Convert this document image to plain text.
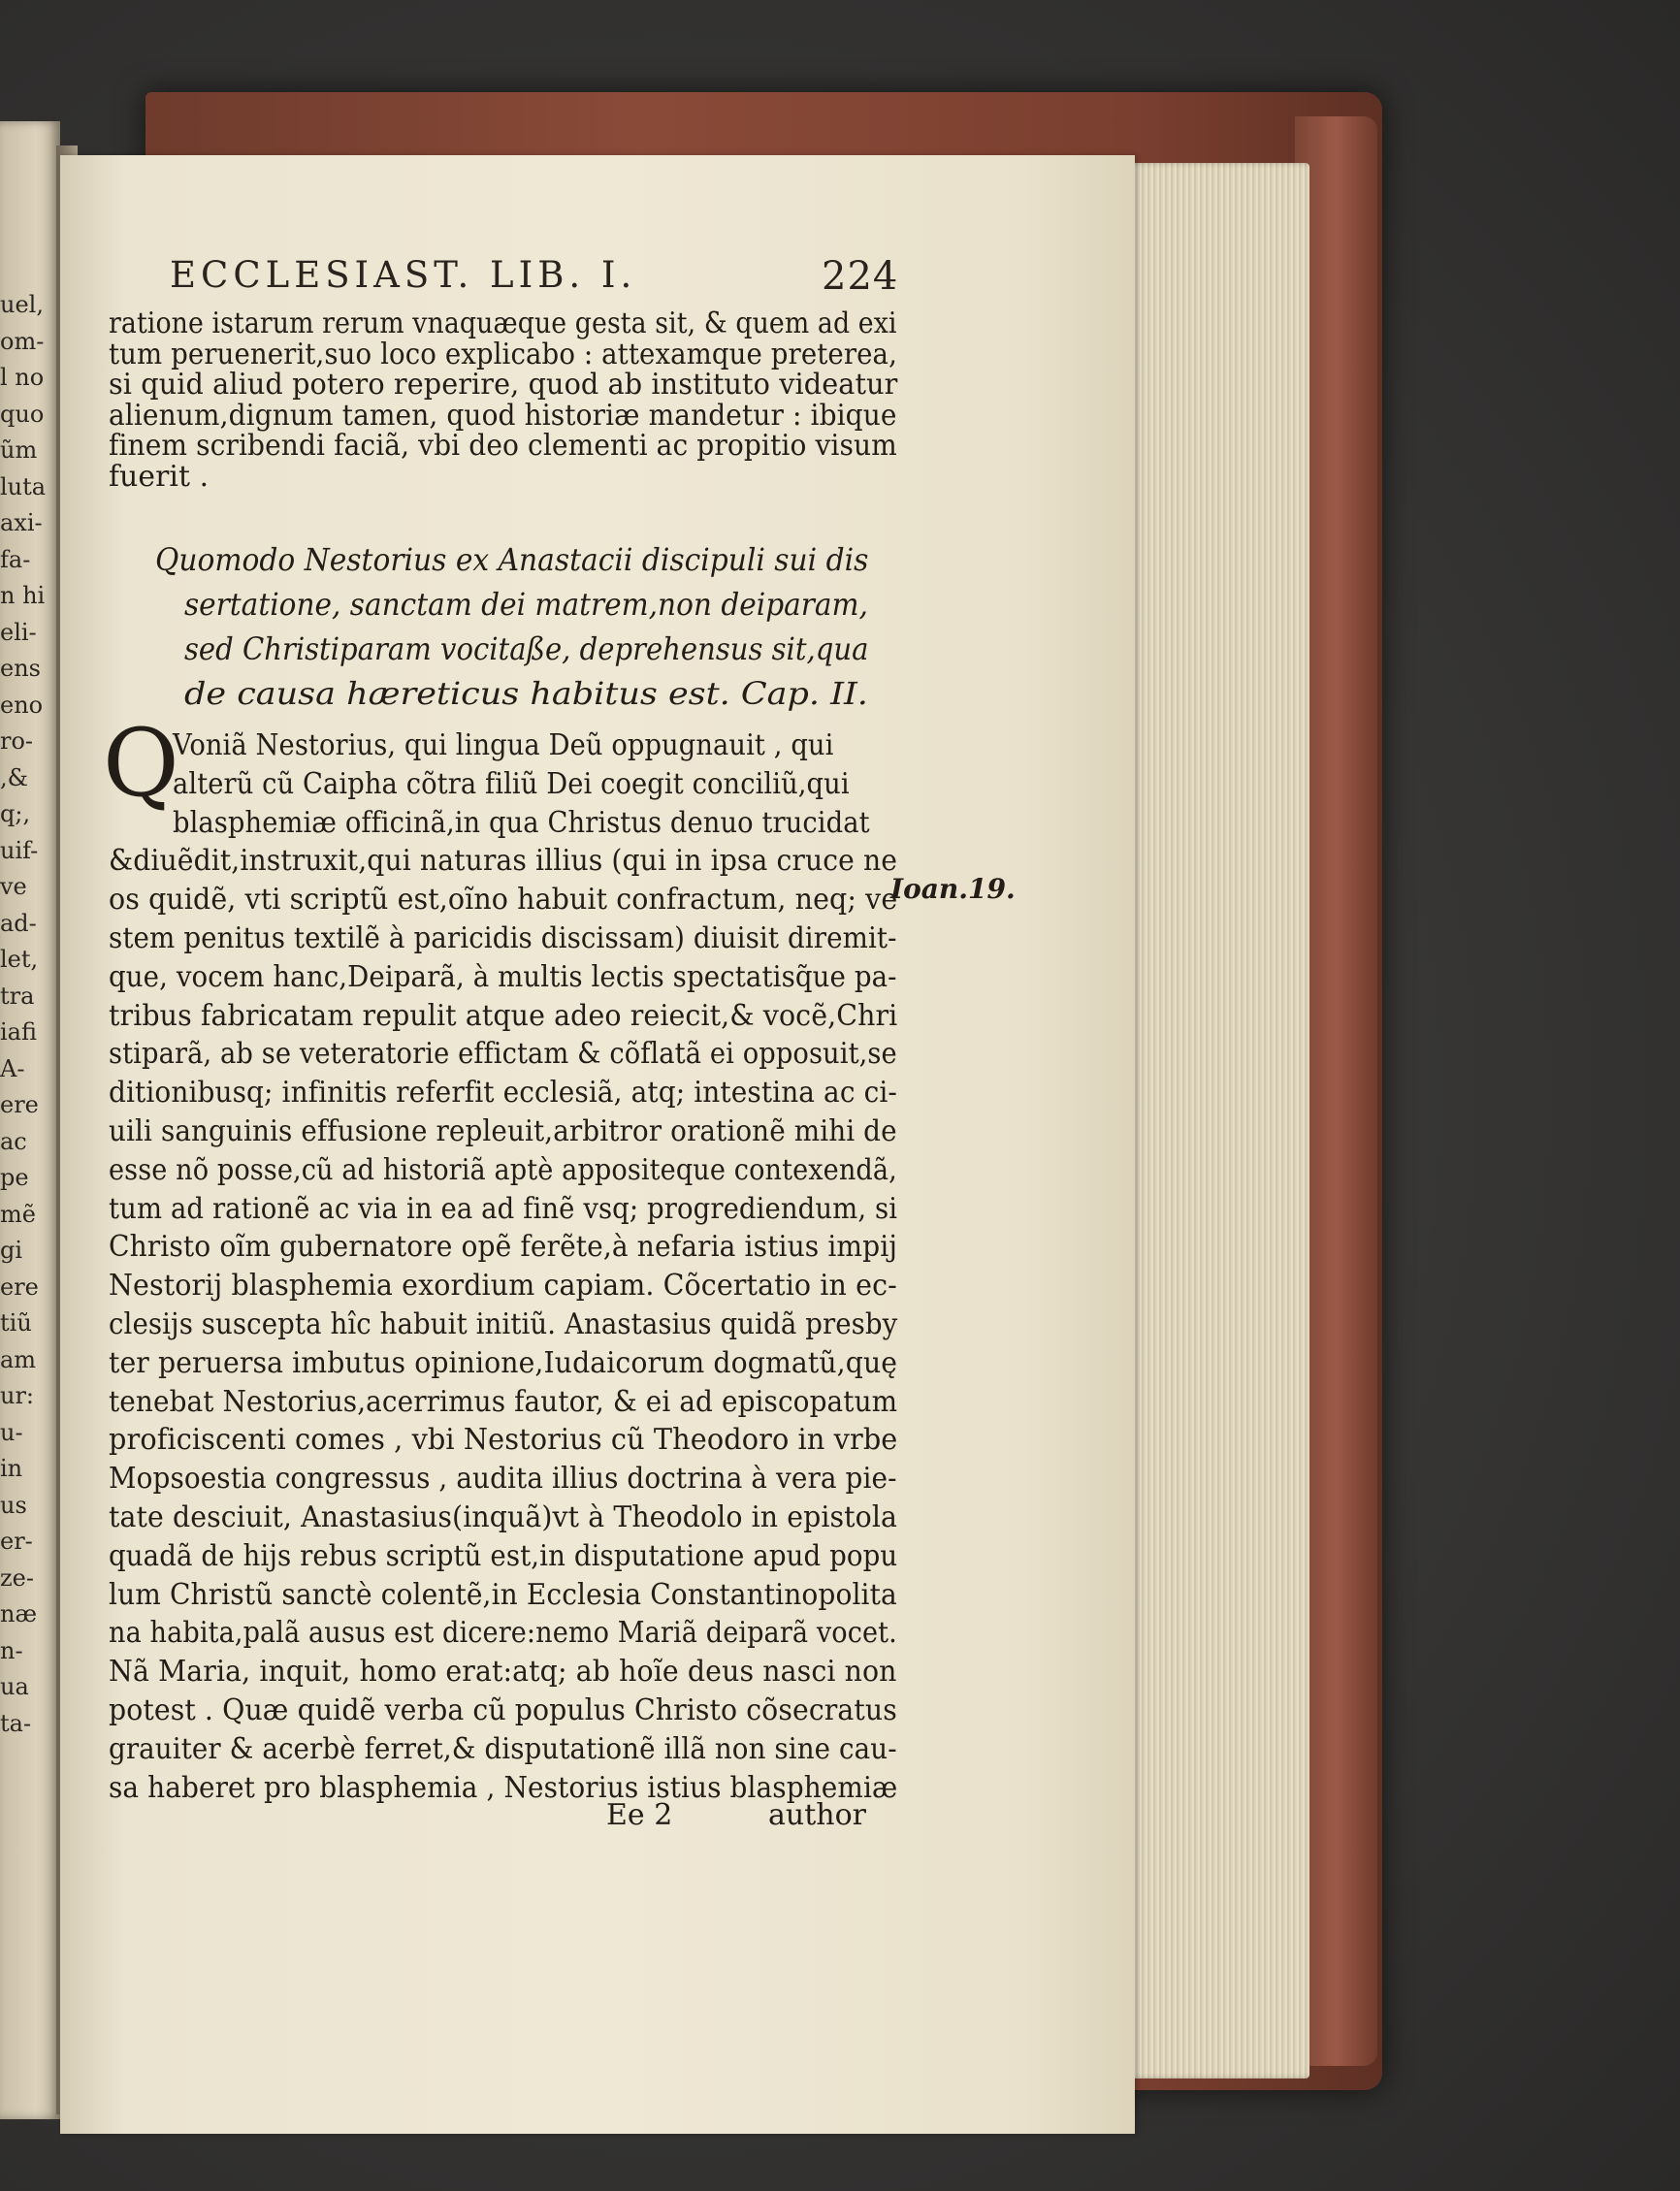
uel,
om-
l no
quo
ũm
luta
axi-
fa-
n hi
eli-
ens
eno
ro-
,&
q;,
uif-
ve
ad-
let,
tra
iafi
A-
ere
ac
pe
mẽ
gi
ere
tiũ
am
ur:
u-
in
us
er-
ze-
næ
n-
ua
ta-
ECCLESIAST. LIB. I.	224
ratione istarum rerum vnaquæque gesta sit, & quem ad exi
tum peruenerit,suo loco explicabo : attexamque preterea,
si quid aliud potero reperire, quod ab instituto videatur
alienum,dignum tamen, quod historiæ mandetur : ibique
finem scribendi faciã, vbi deo clementi ac propitio visum
fuerit .
Quomodo Nestorius ex Anastacii discipuli sui dis
sertatione, sanctam dei matrem,non deiparam,
sed Christiparam vocitaße, deprehensus sit,qua
de causa hæreticus habitus est. Cap. II.
Q
Voniã Nestorius, qui lingua Deũ oppugnauit , qui
alterũ cũ Caipha cõtra filiũ Dei coegit conciliũ,qui
blasphemiæ officinã,in qua Christus denuo trucidat
&diuẽdit,instruxit,qui naturas illius (qui in ipsa cruce ne
os quidẽ, vti scriptũ est,oĩno habuit confractum, neq; ve
stem penitus textilẽ à paricidis discissam) diuisit diremit-
que, vocem hanc,Deiparã, à multis lectis spectatisq̃ue pa-
tribus fabricatam repulit atque adeo reiecit,& vocẽ,Chri
stiparã, ab se veteratorie effictam & cõflatã ei opposuit,se
ditionibusq; infinitis referfit ecclesiã, atq; intestina ac ci-
uili sanguinis effusione repleuit,arbitror orationẽ mihi de
esse nõ posse,cũ ad historiã aptè appositeque contexendã,
tum ad rationẽ ac via in ea ad finẽ vsq; progrediendum, si
Christo oĩm gubernatore opẽ ferẽte,à nefaria istius impij
Nestorij blasphemia exordium capiam. Cõcertatio in ec-
clesijs suscepta hîc habuit initiũ. Anastasius quidã presby
ter peruersa imbutus opinione,Iudaicorum dogmatũ,quę
tenebat Nestorius,acerrimus fautor, & ei ad episcopatum
proficiscenti comes , vbi Nestorius cũ Theodoro in vrbe
Mopsoestia congressus , audita illius doctrina à vera pie-
tate desciuit, Anastasius(inquã)vt à Theodolo in epistola
quadã de hijs rebus scriptũ est,in disputatione apud popu
lum Christũ sanctè colentẽ,in Ecclesia Constantinopolita
na habita,palã ausus est dicere:nemo Mariã deiparã vocet.
Nã Maria, inquit, homo erat:atq; ab hoĩe deus nasci non
potest . Quæ quidẽ verba cũ populus Christo cõsecratus
grauiter & acerbè ferret,& disputationẽ illã non sine cau-
sa haberet pro blasphemia , Nestorius istius blasphemiæ
Ioan.19.
Ee 2	author
